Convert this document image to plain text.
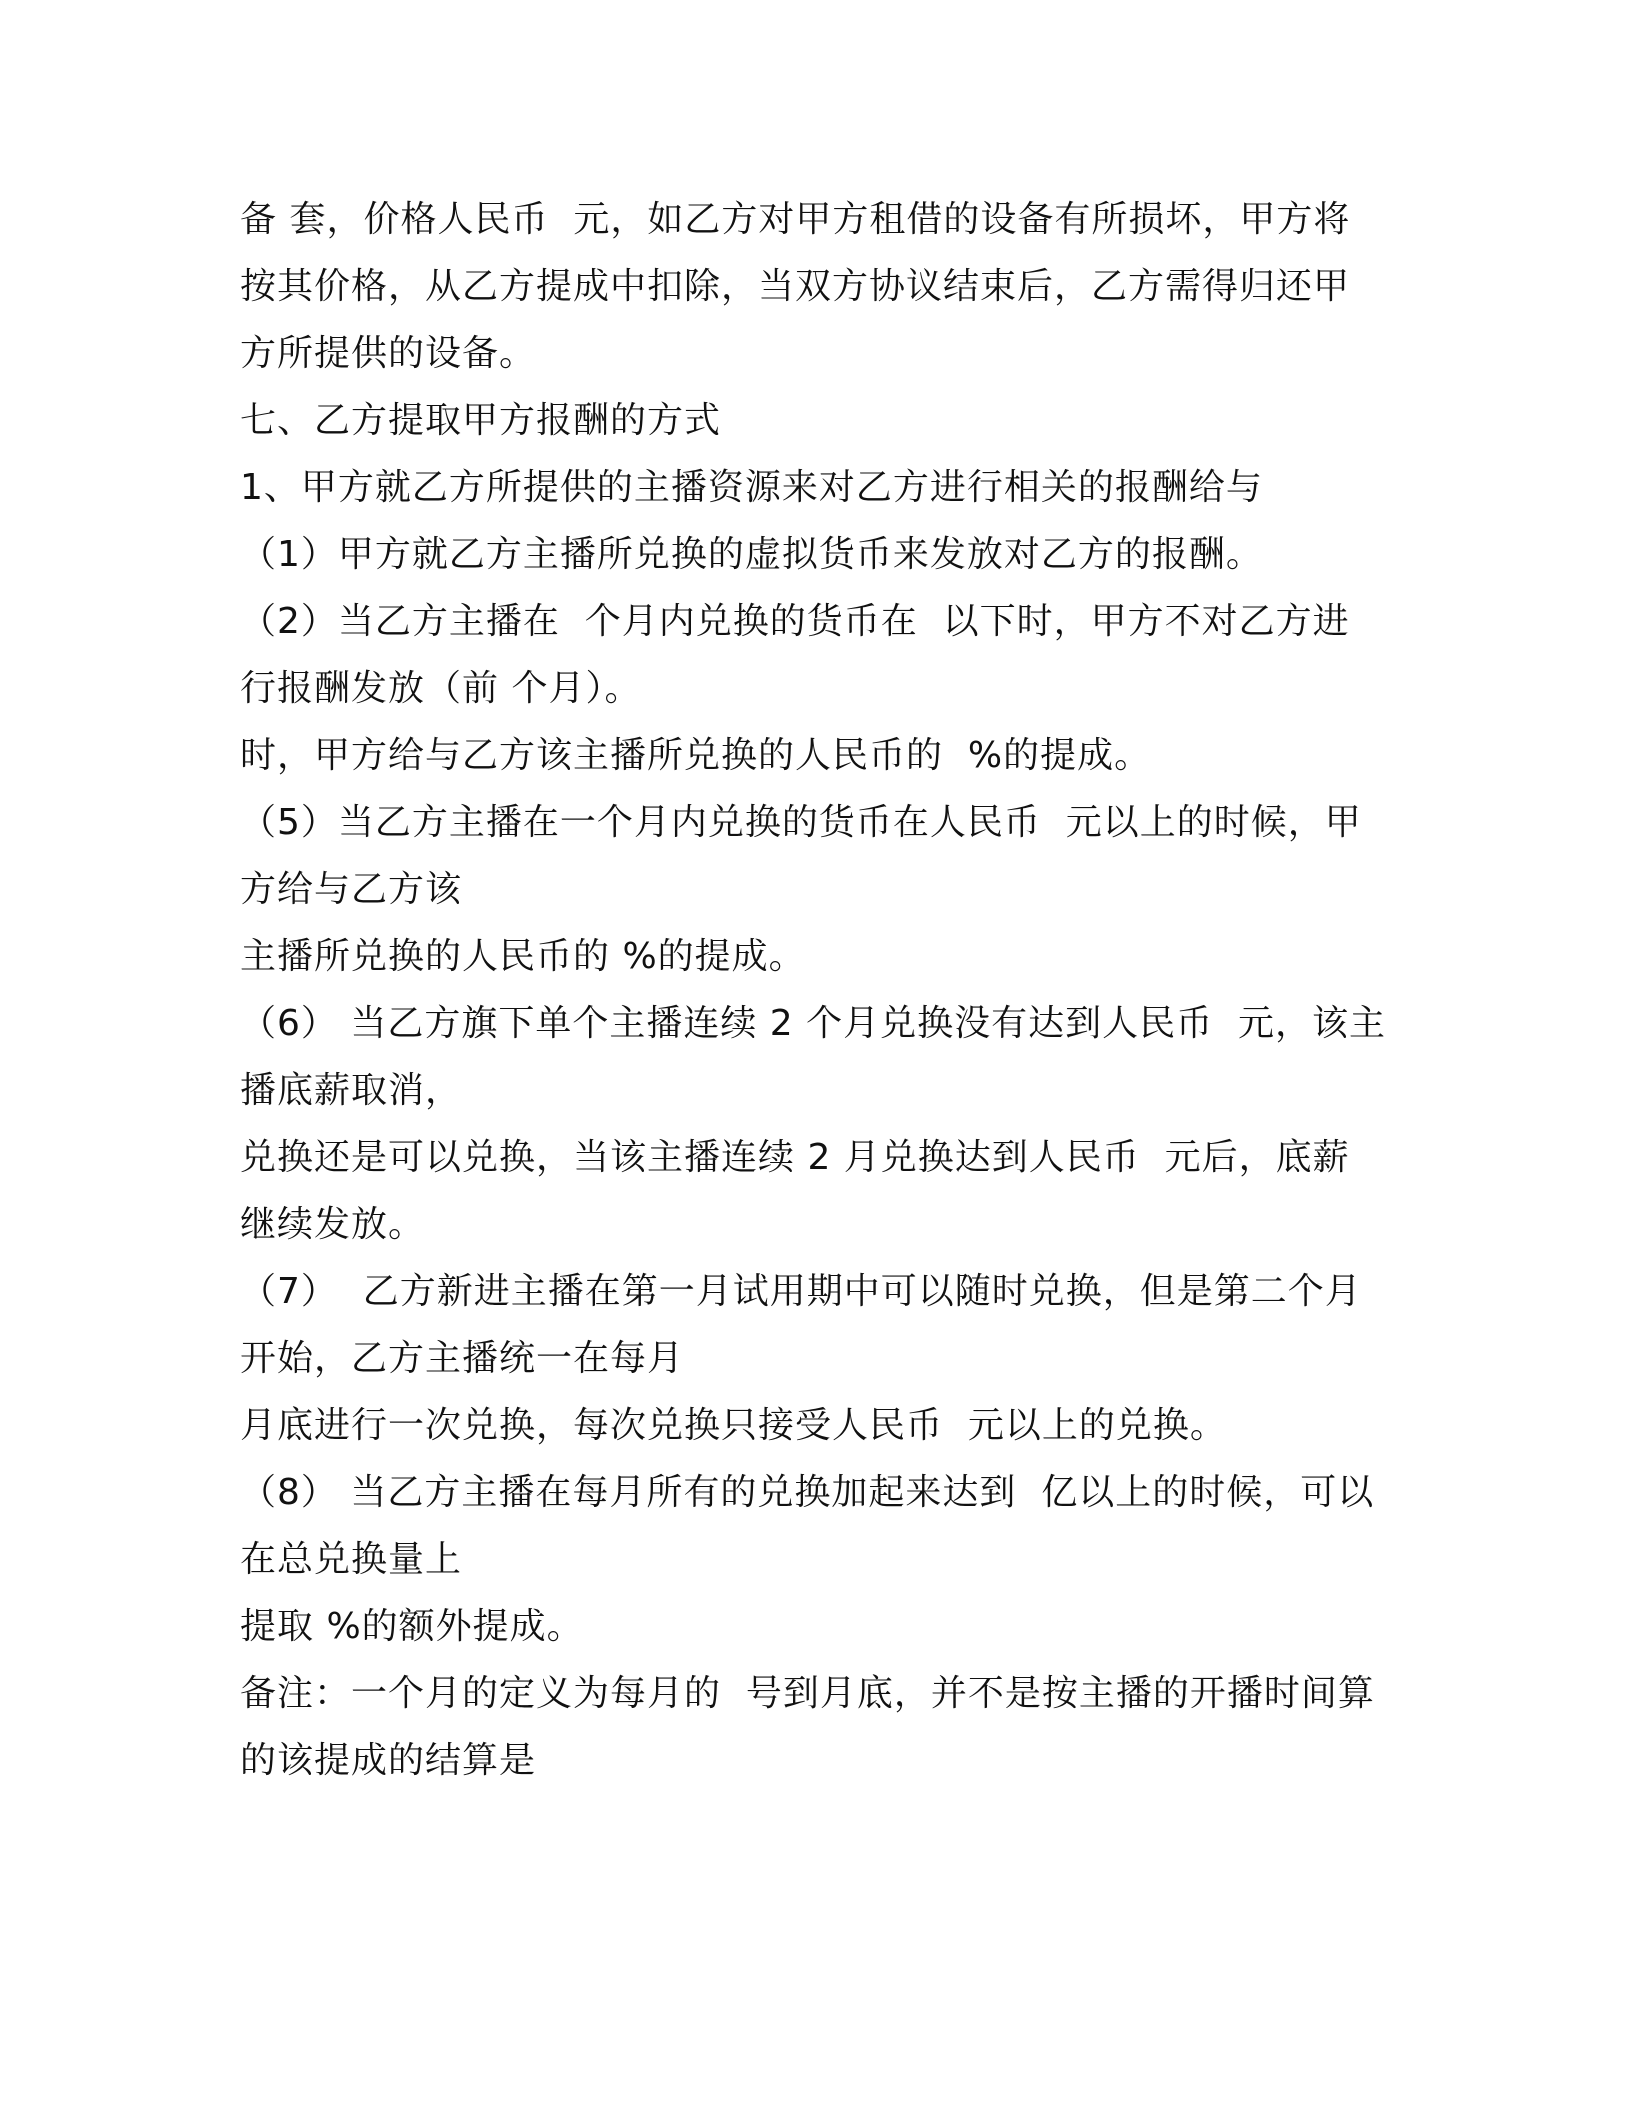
备 套，价格人民币  元，如乙方对甲方租借的设备有所损坏，甲方将
按其价格，从乙方提成中扣除，当双方协议结束后，乙方需得归还甲
方所提供的设备。
七、乙方提取甲方报酬的方式
1、甲方就乙方所提供的主播资源来对乙方进行相关的报酬给与
（1）甲方就乙方主播所兑换的虚拟货币来发放对乙方的报酬。
（2）当乙方主播在  个月内兑换的货币在  以下时，甲方不对乙方进
行报酬发放（前 个月）。
时，甲方给与乙方该主播所兑换的人民币的  %的提成。
（5）当乙方主播在一个月内兑换的货币在人民币  元以上的时候，甲
方给与乙方该
主播所兑换的人民币的 %的提成。
（6） 当乙方旗下单个主播连续 2 个月兑换没有达到人民币  元，该主
播底薪取消，
兑换还是可以兑换，当该主播连续 2 月兑换达到人民币  元后，底薪
继续发放。
（7）  乙方新进主播在第一月试用期中可以随时兑换，但是第二个月
开始，乙方主播统一在每月
月底进行一次兑换，每次兑换只接受人民币  元以上的兑换。
（8） 当乙方主播在每月所有的兑换加起来达到  亿以上的时候，可以
在总兑换量上
提取 %的额外提成。
备注：一个月的定义为每月的  号到月底，并不是按主播的开播时间算
的该提成的结算是
